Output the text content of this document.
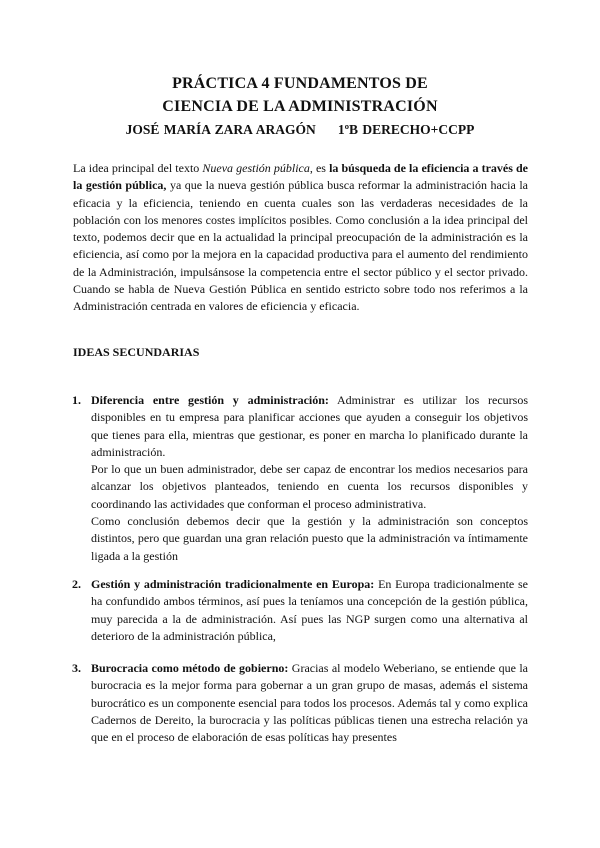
PRÁCTICA 4 FUNDAMENTOS DE
CIENCIA DE LA ADMINISTRACIÓN
JOSÉ MARÍA ZARA ARAGÓN 1ºB DERECHO+CCPP

La idea principal del texto Nueva gestión pública, es la búsqueda de la eficiencia a través de la gestión pública, ya que la nueva gestión pública busca reformar la administración hacia la eficacia y la eficiencia, teniendo en cuenta cuales son las verdaderas necesidades de la población con los menores costes implícitos posibles. Como conclusión a la idea principal del texto, podemos decir que en la actualidad la principal preocupación de la administración es la eficiencia, así como por la mejora en la capacidad productiva para el aumento del rendimiento de la Administración, impulsánsose la competencia entre el sector público y el sector privado. Cuando se habla de Nueva Gestión Pública en sentido estricto sobre todo nos referimos a la Administración centrada en valores de eficiencia y eficacia.

IDEAS SECUNDARIAS

1. Diferencia entre gestión y administración: Administrar es utilizar los recursos disponibles en tu empresa para planificar acciones que ayuden a conseguir los objetivos que tienes para ella, mientras que gestionar, es poner en marcha lo planificado durante la administración.

Por lo que un buen administrador, debe ser capaz de encontrar los medios necesarios para alcanzar los objetivos planteados, teniendo en cuenta los recursos disponibles y coordinando las actividades que conforman el proceso administrativa.

Como conclusión debemos decir que la gestión y la administración son conceptos distintos, pero que guardan una gran relación puesto que la administración va íntimamente ligada a la gestión

2. Gestión y administración tradicionalmente en Europa: En Europa tradicionalmente se ha confundido ambos términos, así pues la teníamos una concepción de la gestión pública, muy parecida a la de administración. Así pues las NGP surgen como una alternativa al deterioro de la administración pública,

3. Burocracia como método de gobierno: Gracias al modelo Weberiano, se entiende que la burocracia es la mejor forma para gobernar a un gran grupo de masas, además el sistema burocrático es un componente esencial para todos los procesos. Además tal y como explica Cadernos de Dereito, la burocracia y las políticas públicas tienen una estrecha relación ya que en el proceso de elaboración de esas políticas hay presentes
